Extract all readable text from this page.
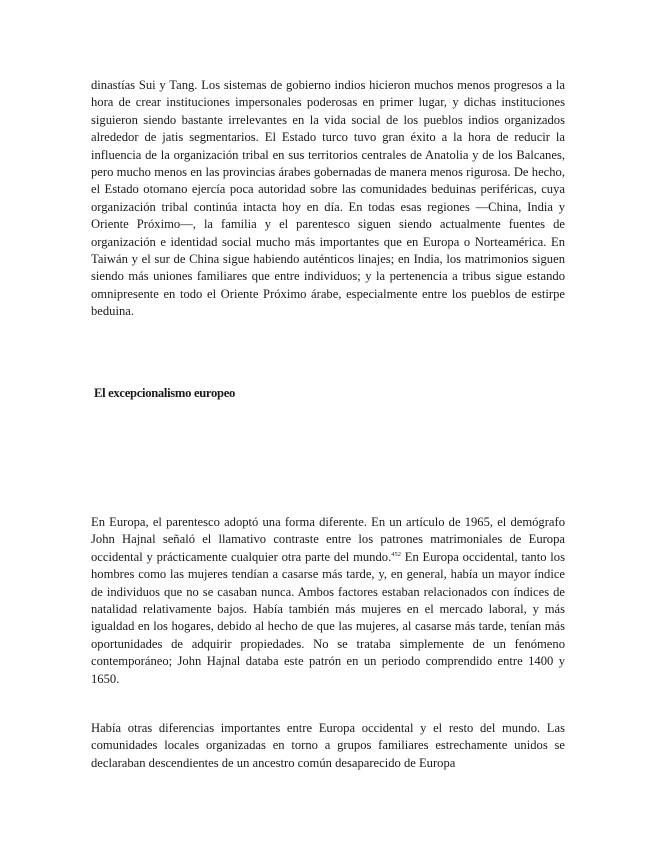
dinastías Sui y Tang. Los sistemas de gobierno indios hicieron muchos menos progresos a la hora de crear instituciones impersonales poderosas en primer lugar, y dichas instituciones siguieron siendo bastante irrelevantes en la vida social de los pueblos indios organizados alrededor de jatis segmentarios. El Estado turco tuvo gran éxito a la hora de reducir la influencia de la organización tribal en sus territorios centrales de Anatolia y de los Balcanes, pero mucho menos en las provincias árabes gobernadas de manera menos rigurosa. De hecho, el Estado otomano ejercía poca autoridad sobre las comunidades beduinas periféricas, cuya organización tribal continúa intacta hoy en día. En todas esas regiones —China, India y Oriente Próximo—, la familia y el parentesco siguen siendo actualmente fuentes de organización e identidad social mucho más importantes que en Europa o Norteamérica. En Taiwán y el sur de China sigue habiendo auténticos linajes; en India, los matrimonios siguen siendo más uniones familiares que entre individuos; y la pertenencia a tribus sigue estando omnipresente en todo el Oriente Próximo árabe, especialmente entre los pueblos de estirpe beduina.

El excepcionalismo europeo

En Europa, el parentesco adoptó una forma diferente. En un artículo de 1965, el demógrafo John Hajnal señaló el llamativo contraste entre los patrones matrimoniales de Europa occidental y prácticamente cualquier otra parte del mundo.$^{452}$ En Europa occidental, tanto los hombres como las mujeres tendían a casarse más tarde, y, en general, había un mayor índice de individuos que no se casaban nunca. Ambos factores estaban relacionados con índices de natalidad relativamente bajos. Había también más mujeres en el mercado laboral, y más igualdad en los hogares, debido al hecho de que las mujeres, al casarse más tarde, tenían más oportunidades de adquirir propiedades. No se trataba simplemente de un fenómeno contemporáneo; John Hajnal databa este patrón en un periodo comprendido entre 1400 y 1650.

Había otras diferencias importantes entre Europa occidental y el resto del mundo. Las comunidades locales organizadas en torno a grupos familiares estrechamente unidos se declaraban descendientes de un ancestro común desaparecido de Europa
